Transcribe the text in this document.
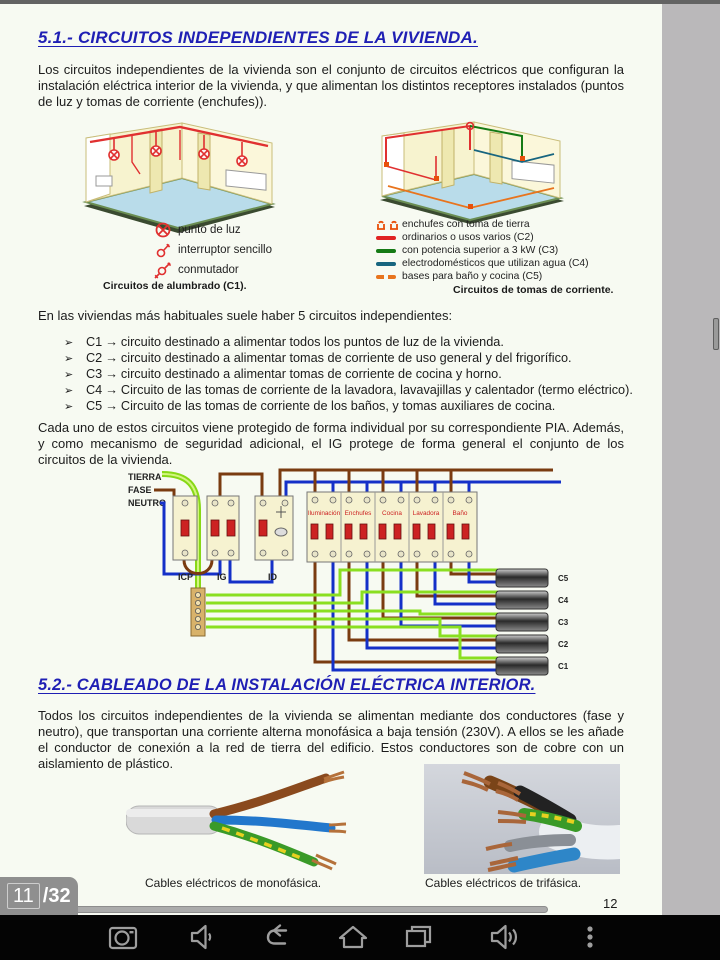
5.1.- CIRCUITOS INDEPENDIENTES DE LA VIVIENDA.
Los circuitos independientes de la vivienda son el conjunto de circuitos eléctricos que configuran la instalación eléctrica interior de la vivienda, y que alimentan los distintos receptores instalados (puntos de luz y tomas de corriente (enchufes)).
punto de luz
interruptor sencillo
conmutador
Circuitos de alumbrado (C1).
enchufes con toma de tierra
ordinarios o usos varios (C2)
con potencia superior a 3 kW (C3)
electrodomésticos que utilizan agua (C4)
bases para baño y cocina (C5)
Circuitos de tomas de corriente.
En las viviendas más habituales suele haber 5 circuitos independientes:
➢ C1 → circuito destinado a alimentar todos los puntos de luz de la vivienda.
➢ C2 → circuito destinado a alimentar tomas de corriente de uso general y del frigorífico.
➢ C3 → circuito destinado a alimentar tomas de corriente de cocina y horno.
➢ C4 → Circuito de las tomas de corriente de la lavadora, lavavajillas y calentador (termo eléctrico).
➢ C5 → Circuito de las tomas de corriente de los baños, y tomas auxiliares de cocina.
Cada uno de estos circuitos viene protegido de forma individual por su correspondiente PIA. Además, y como mecanismo de seguridad adicional, el IG protege de forma general el conjunto de los circuitos de la vivienda.
TIERRA
FASE
NEUTRO
ICP	IG	ID
Iluminación Enchufes Cocina Lavadora Baño
C5
C4
C3
C2
C1
5.2.- CABLEADO DE LA INSTALACIÓN ELÉCTRICA INTERIOR.
Todos los circuitos independientes de la vivienda se alimentan mediante dos conductores (fase y neutro), que transportan una corriente alterna monofásica a baja tensión (230V). A ellos se les añade el conductor de conexión a la red de tierra del edificio. Estos conductores son de cobre con un aislamiento de plástico.
Cables eléctricos de monofásica.	Cables eléctricos de trifásica.
12
11 /32
